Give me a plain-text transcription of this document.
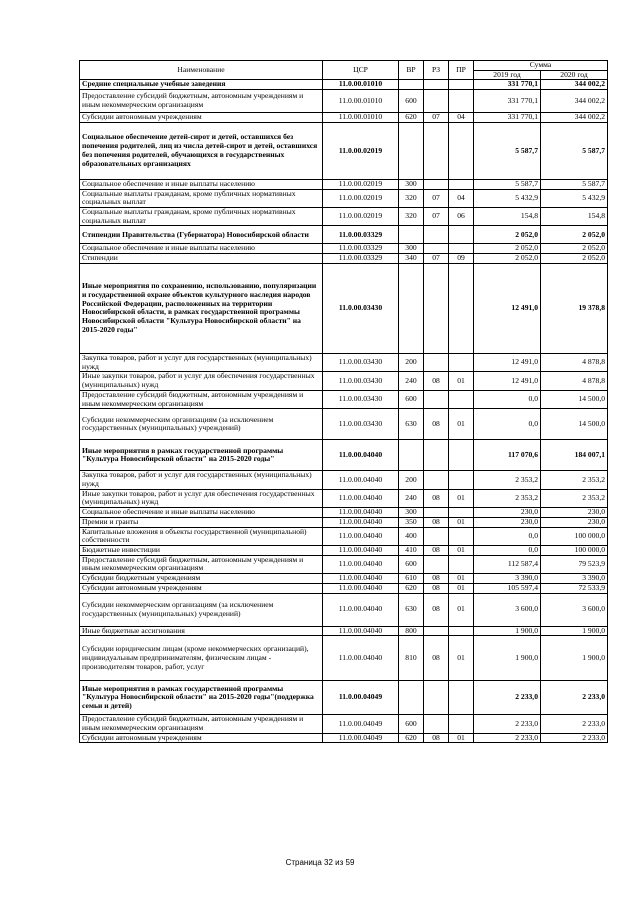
Наименование	ЦСР	ВР	РЗ	ПР	Сумма	
					2019 год	2020 год
Средние специальные учебные заведения	11.0.00.01010				331 770,1	344 002,2
Предоставление субсидий бюджетным, автономным учреждениям и иным некоммерческим организациям	11.0.00.01010	600			331 770,1	344 002,2
Субсидии автономным учреждениям	11.0.00.01010	620	07	04	331 770,1	344 002,2
Социальное обеспечение детей-сирот и детей, оставшихся без попечения родителей, лиц из числа детей-сирот и детей, оставшихся без попечения родителей, обучающихся в государственных образовательных организациях	11.0.00.02019				5 587,7	5 587,7
Социальное обеспечение и иные выплаты населению	11.0.00.02019	300			5 587,7	5 587,7
Социальные выплаты гражданам, кроме публичных нормативных социальных выплат	11.0.00.02019	320	07	04	5 432,9	5 432,9
Социальные выплаты гражданам, кроме публичных нормативных социальных выплат	11.0.00.02019	320	07	06	154,8	154,8
Стипендии Правительства (Губернатора) Новосибирской области	11.0.00.03329				2 052,0	2 052,0
Социальное обеспечение и иные выплаты населению	11.0.00.03329	300			2 052,0	2 052,0
Стипендии	11.0.00.03329	340	07	09	2 052,0	2 052,0
Иные мероприятия по сохранению, использованию, популяризации и государственной охране объектов культурного наследия народов Российской Федерации, расположенных на территории Новосибирской области, в рамках государственной программы Новосибирской области "Культура Новосибирской области" на 2015-2020 годы"	11.0.00.03430				12 491,0	19 378,8
Закупка товаров, работ и услуг для государственных (муниципальных) нужд	11.0.00.03430	200			12 491,0	4 878,8
Иные закупки товаров, работ и услуг для обеспечения государственных (муниципальных) нужд	11.0.00.03430	240	08	01	12 491,0	4 878,8
Предоставление субсидий бюджетным, автономным учреждениям и иным некоммерческим организациям	11.0.00.03430	600			0,0	14 500,0
Субсидии некоммерческим организациям (за исключением государственных (муниципальных) учреждений)	11.0.00.03430	630	08	01	0,0	14 500,0
Иные мероприятия в рамках государственной программы "Культура Новосибирской области" на 2015-2020 годы"	11.0.00.04040				117 070,6	184 007,1
Закупка товаров, работ и услуг для государственных (муниципальных) нужд	11.0.00.04040	200			2 353,2	2 353,2
Иные закупки товаров, работ и услуг для обеспечения государственных (муниципальных) нужд	11.0.00.04040	240	08	01	2 353,2	2 353,2
Социальное обеспечение и иные выплаты населению	11.0.00.04040	300			230,0	230,0
Премии и гранты	11.0.00.04040	350	08	01	230,0	230,0
Капитальные вложения в объекты государственной (муниципальной) собственности	11.0.00.04040	400			0,0	100 000,0
Бюджетные инвестиции	11.0.00.04040	410	08	01	0,0	100 000,0
Предоставление субсидий бюджетным, автономным учреждениям и иным некоммерческим организациям	11.0.00.04040	600			112 587,4	79 523,9
Субсидии бюджетным учреждениям	11.0.00.04040	610	08	01	3 390,0	3 390,0
Субсидии автономным учреждениям	11.0.00.04040	620	08	01	105 597,4	72 533,9
Субсидии некоммерческим организациям (за исключением государственных (муниципальных) учреждений)	11.0.00.04040	630	08	01	3 600,0	3 600,0
Иные бюджетные ассигнования	11.0.00.04040	800			1 900,0	1 900,0
Субсидии юридическим лицам (кроме некоммерческих организаций), индивидуальным предпринимателям, физическим лицам - производителям товаров, работ, услуг	11.0.00.04040	810	08	01	1 900,0	1 900,0
Иные мероприятия в рамках государственной программы "Культура Новосибирской области" на 2015-2020 годы"(поддержка семьи и детей)	11.0.00.04049				2 233,0	2 233,0
Предоставление субсидий бюджетным, автономным учреждениям и иным некоммерческим организациям	11.0.00.04049	600			2 233,0	2 233,0
Субсидии автономным учреждениям	11.0.00.04049	620	08	01	2 233,0	2 233,0
Страница 32 из 59
